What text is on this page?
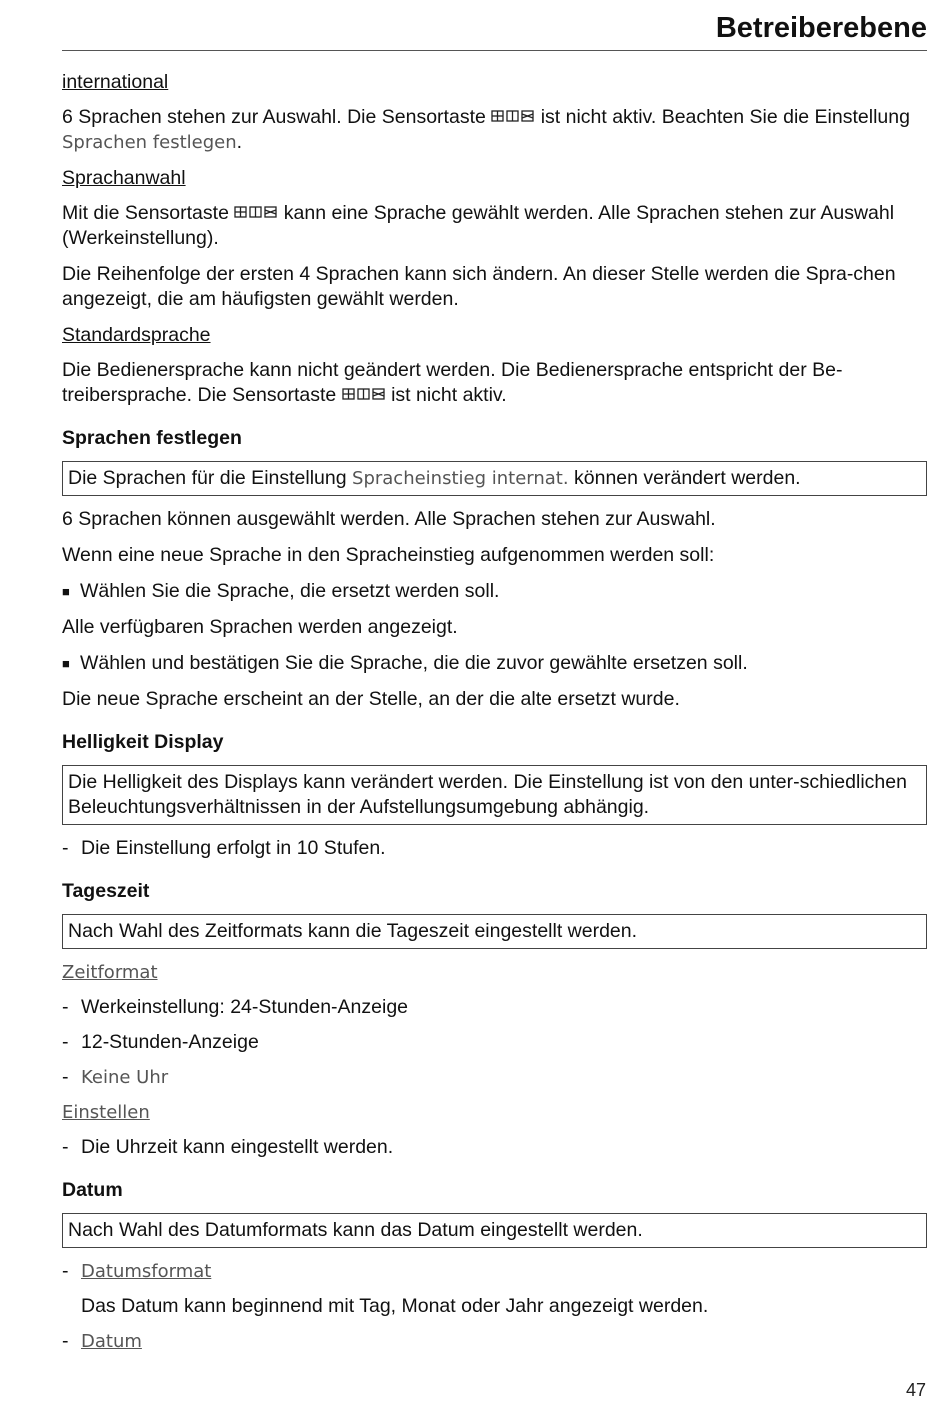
Betreiberebene
international
6 Sprachen stehen zur Auswahl. Die Sensortaste	ist nicht aktiv. Beachten Sie die Einstellung Sprachen festlegen.
Sprachanwahl
Mit die Sensortaste	kann eine Sprache gewählt werden. Alle Sprachen stehen zur Auswahl (Werkeinstellung).
Die Reihenfolge der ersten 4 Sprachen kann sich ändern. An dieser Stelle werden die Spra-chen angezeigt, die am häufigsten gewählt werden.
Standardsprache
Die Bedienersprache kann nicht geändert werden. Die Bedienersprache entspricht der Be-treibersprache. Die Sensortaste	ist nicht aktiv.
Sprachen festlegen
Die Sprachen für die Einstellung Spracheinstieg internat. können verändert werden.
6 Sprachen können ausgewählt werden. Alle Sprachen stehen zur Auswahl.
Wenn eine neue Sprache in den Spracheinstieg aufgenommen werden soll:
■ Wählen Sie die Sprache, die ersetzt werden soll.
Alle verfügbaren Sprachen werden angezeigt.
■ Wählen und bestätigen Sie die Sprache, die die zuvor gewählte ersetzen soll.
Die neue Sprache erscheint an der Stelle, an der die alte ersetzt wurde.
Helligkeit Display
Die Helligkeit des Displays kann verändert werden. Die Einstellung ist von den unter-schiedlichen Beleuchtungsverhältnissen in der Aufstellungsumgebung abhängig.
- Die Einstellung erfolgt in 10 Stufen.
Tageszeit
Nach Wahl des Zeitformats kann die Tageszeit eingestellt werden.
Zeitformat
- Werkeinstellung: 24-Stunden-Anzeige
- 12-Stunden-Anzeige
- Keine Uhr
Einstellen
- Die Uhrzeit kann eingestellt werden.
Datum
Nach Wahl des Datumformats kann das Datum eingestellt werden.
- Datumsformat
Das Datum kann beginnend mit Tag, Monat oder Jahr angezeigt werden.
- Datum
47
